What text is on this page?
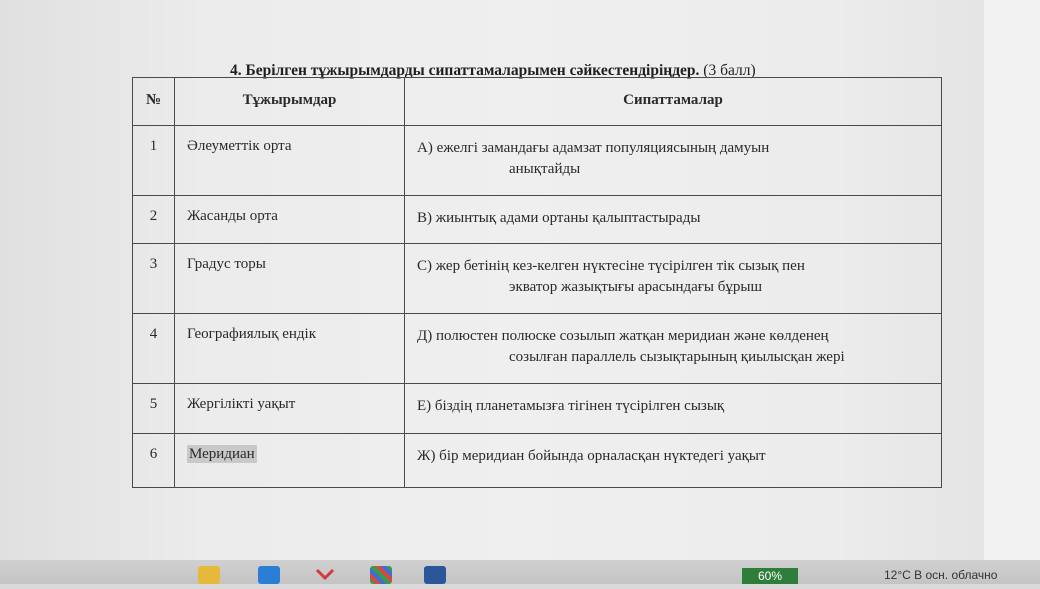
4. Берілген тұжырымдарды сипаттамаларымен сәйкестендіріңдер. (3 балл)
№	Тұжырымдар	Сипаттамалар
1	Әлеуметтік орта	А) ежелгі замандағы адамзат популяциясының дамуын
анықтайды

2	Жасанды орта	В) жиынтық адами ортаны қалыптастырады
3	Градус торы	С) жер бетінің кез-келген нүктесіне түсірілген тік сызық пен
экватор жазықтығы арасындағы бұрыш

4	Географиялық ендік	Д) полюстен полюске созылып жатқан меридиан және көлденең
созылған параллель сызықтарының қиылысқан жері

5	Жергілікті уақыт	Е) біздің планетамызға тігінен түсірілген сызық
6	Меридиан	Ж) бір меридиан бойында орналасқан нүктедегі уақыт
60%	12°C В осн. облачно
